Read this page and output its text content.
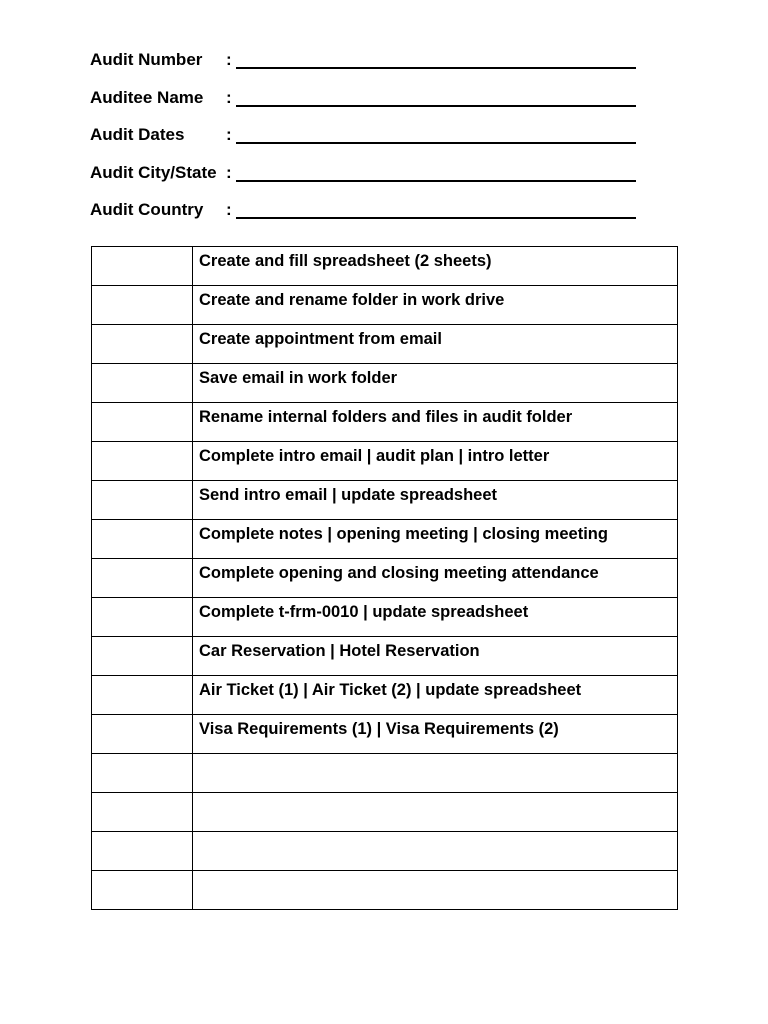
Audit Number :
Auditee Name :
Audit Dates :
Audit City/State :
Audit Country :
	Create and fill spreadsheet (2 sheets)
	Create and rename folder in work drive
	Create appointment from email
	Save email in work folder
	Rename internal folders and files in audit folder
	Complete intro email | audit plan | intro letter
	Send intro email | update spreadsheet
	Complete notes | opening meeting | closing meeting
	Complete opening and closing meeting attendance
	Complete t-frm-0010 | update spreadsheet
	Car Reservation | Hotel Reservation
	Air Ticket (1) | Air Ticket (2) | update spreadsheet
	Visa Requirements (1) | Visa Requirements (2)
